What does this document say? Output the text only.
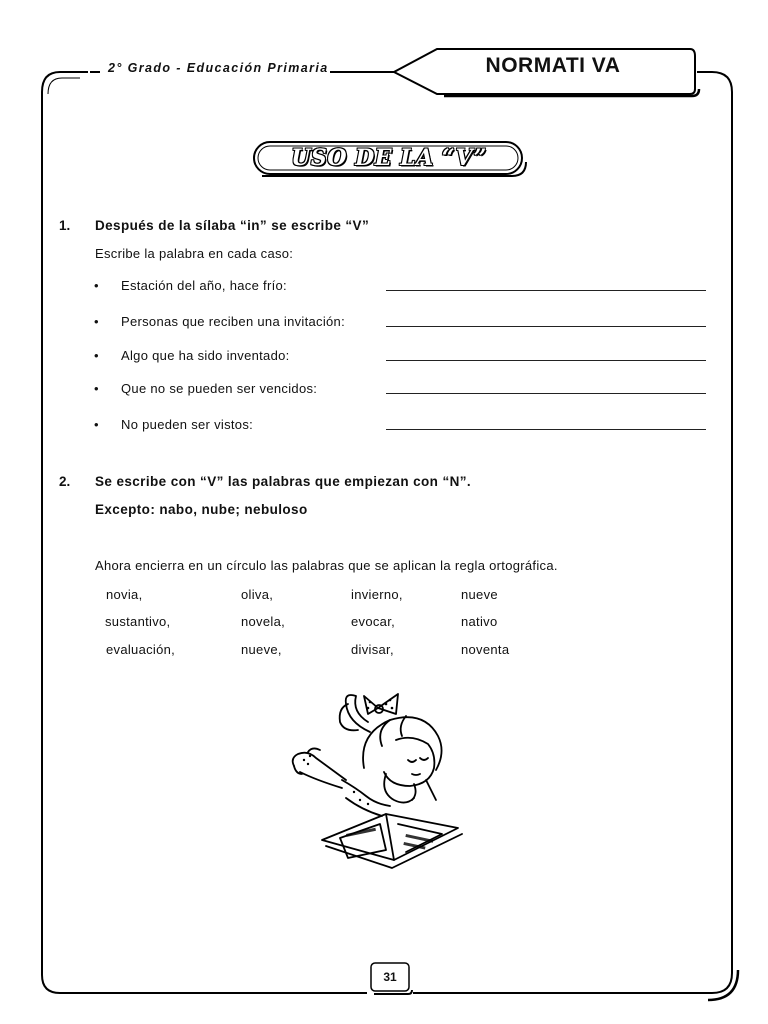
2° Grado - Educación Primaria	NORMATI VA
USO DE LA “V”
1. Después de la sílaba “in” se escribe “V”
Escribe la palabra en cada caso:
• Estación del año, hace frío:
• Personas que reciben una invitación:
• Algo que ha sido inventado:
• Que no se pueden ser vencidos:
• No pueden ser vistos:
2. Se escribe con “V” las palabras que empiezan con “N”.
Excepto: nabo, nube; nebuloso
Ahora encierra en un círculo las palabras que se aplican la regla ortográfica.
novia,	oliva,	invierno,	nueve
sustantivo,	novela,	evocar,	nativo
evaluación,	nueve,	divisar,	noventa
31
